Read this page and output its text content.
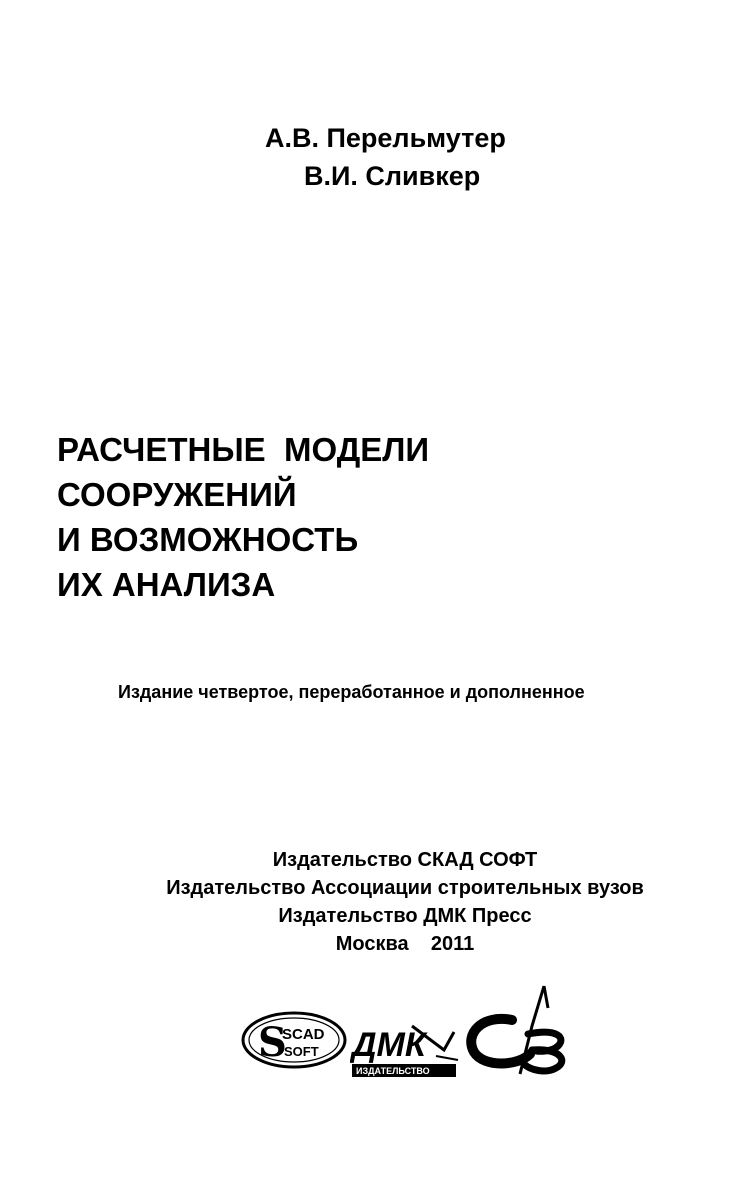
А.В. Перельмутер
В.И. Сливкер
РАСЧЕТНЫЕ  МОДЕЛИ
СООРУЖЕНИЙ
И ВОЗМОЖНОСТЬ
ИХ АНАЛИЗА
Издание четвертое, переработанное и дополненное
Издательство СКАД СОФТ
Издательство Ассоциации строительных вузов
Издательство ДМК Пресс
Москва    2011
S
SCAD
SOFT ДМК
ИЗДАТЕЛЬСТВО
